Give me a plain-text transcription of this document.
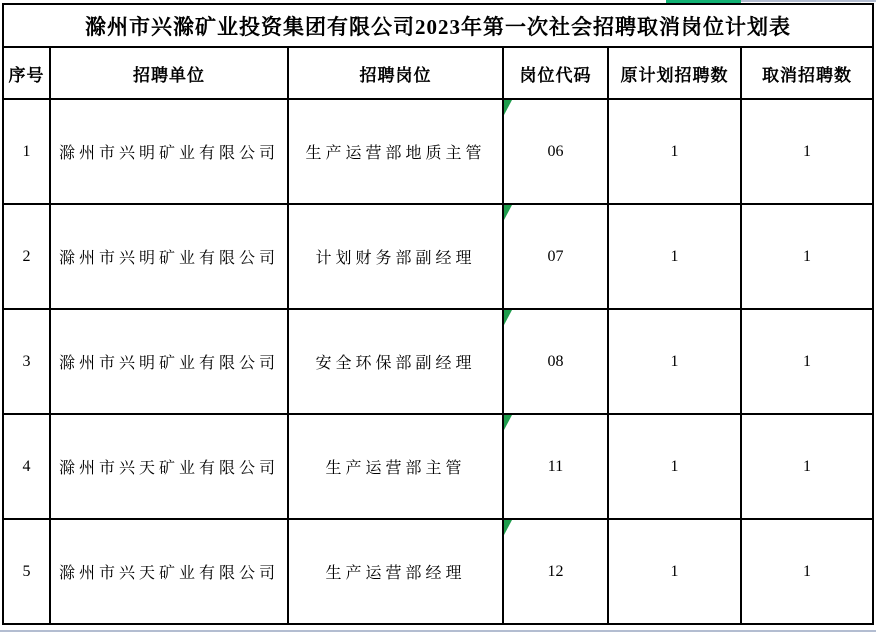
滁州市兴滁矿业投资集团有限公司2023年第一次社会招聘取消岗位计划表					
序号	招聘单位	招聘岗位	岗位代码	原计划招聘数	取消招聘数
1	滁州市兴明矿业有限公司	生产运营部地质主管	06	1	1
2	滁州市兴明矿业有限公司	计划财务部副经理	07	1	1
3	滁州市兴明矿业有限公司	安全环保部副经理	08	1	1
4	滁州市兴天矿业有限公司	生产运营部主管	11	1	1
5	滁州市兴天矿业有限公司	生产运营部经理	12	1	1
